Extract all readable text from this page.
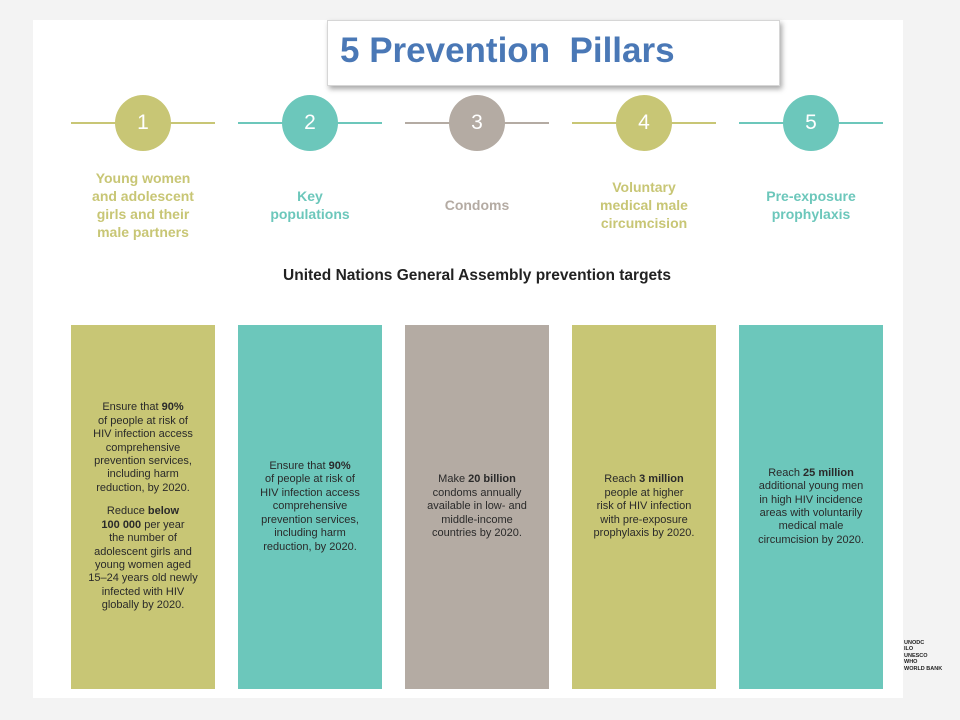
5 Prevention  Pillars
1
Young women
and adolescent
girls and their
male partners
2
Key
populations
3
Condoms
4
Voluntary
medical male
circumcision
5
Pre-exposure
prophylaxis
United Nations General Assembly prevention targets

Ensure that 90%
of people at risk of
HIV infection access
comprehensive
prevention services,
including harm
reduction, by 2020.

Reduce below
100 000 per year
the number of
adolescent girls and
young women aged
15–24 years old newly
infected with HIV
globally by 2020.

Ensure that 90%
of people at risk of
HIV infection access
comprehensive
prevention services,
including harm
reduction, by 2020.

Make 20 billion
condoms annually
available in low- and
middle-income
countries by 2020.

Reach 3 million
people at higher
risk of HIV infection
with pre-exposure
prophylaxis by 2020.

Reach 25 million
additional young men
in high HIV incidence
areas with voluntarily
medical male
circumcision by 2020.

UNODC
ILO
UNESCO
WHO
WORLD BANK
